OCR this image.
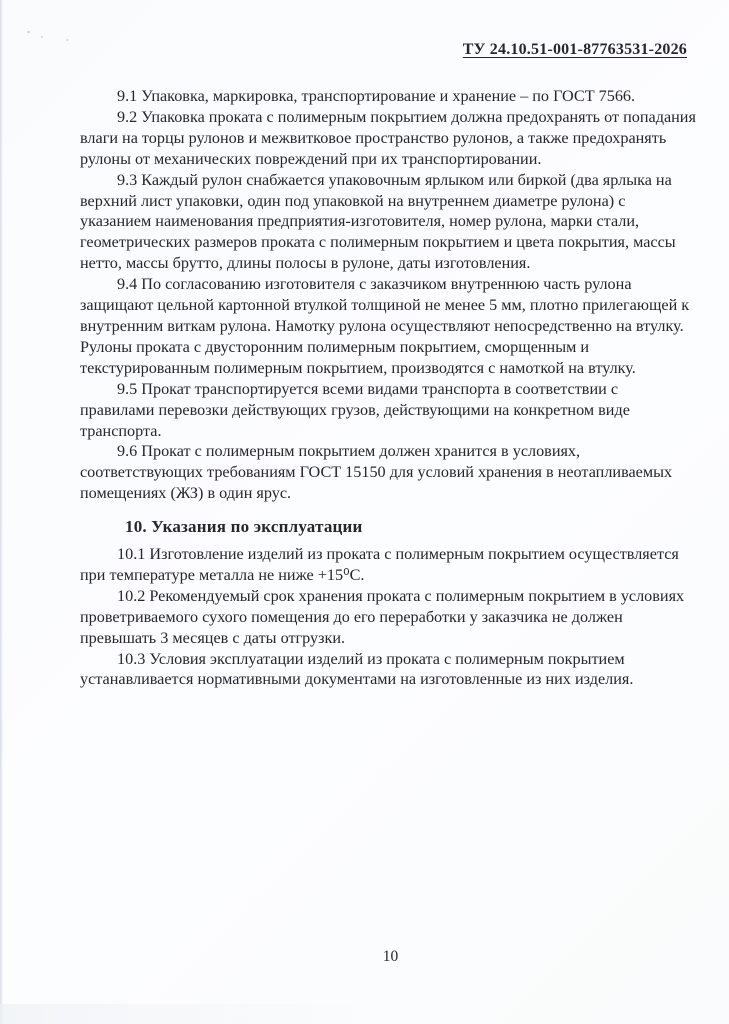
ТУ 24.10.51-001-87763531-2026

9.1 Упаковка, маркировка, транспортирование и хранение – по ГОСТ 7566.

9.2 Упаковка проката с полимерным покрытием должна предохранять от попадания влаги на торцы рулонов и межвитковое пространство рулонов, а также предохранять рулоны от механических повреждений при их транспортировании.

9.3 Каждый рулон снабжается упаковочным ярлыком или биркой (два ярлыка на верхний лист упаковки, один под упаковкой на внутреннем диаметре рулона) с указанием наименования предприятия-изготовителя, номер рулона, марки стали, геометрических размеров проката с полимерным покрытием и цвета покрытия, массы нетто, массы брутто, длины полосы в рулоне, даты изготовления.

9.4 По согласованию изготовителя с заказчиком внутреннюю часть рулона защищают цельной картонной втулкой толщиной не менее 5 мм, плотно прилегающей к внутренним виткам рулона. Намотку рулона осуществляют непосредственно на втулку. Рулоны проката с двусторонним полимерным покрытием, сморщенным и текстурированным полимерным покрытием, производятся с намоткой на втулку.

9.5 Прокат транспортируется всеми видами транспорта в соответствии с правилами перевозки действующих грузов, действующими на конкретном виде транспорта.

9.6 Прокат с полимерным покрытием должен хранится в условиях, соответствующих требованиям ГОСТ 15150 для условий хранения в неотапливаемых помещениях (ЖЗ) в один ярус.

10. Указания по эксплуатации

10.1 Изготовление изделий из проката с полимерным покрытием осуществляется при температуре металла не ниже +15⁰С.

10.2 Рекомендуемый срок хранения проката с полимерным покрытием в условиях проветриваемого сухого помещения до его переработки у заказчика не должен превышать 3 месяцев с даты отгрузки.

10.3 Условия эксплуатации изделий из проката с полимерным покрытием устанавливается нормативными документами на изготовленные из них изделия.

10
